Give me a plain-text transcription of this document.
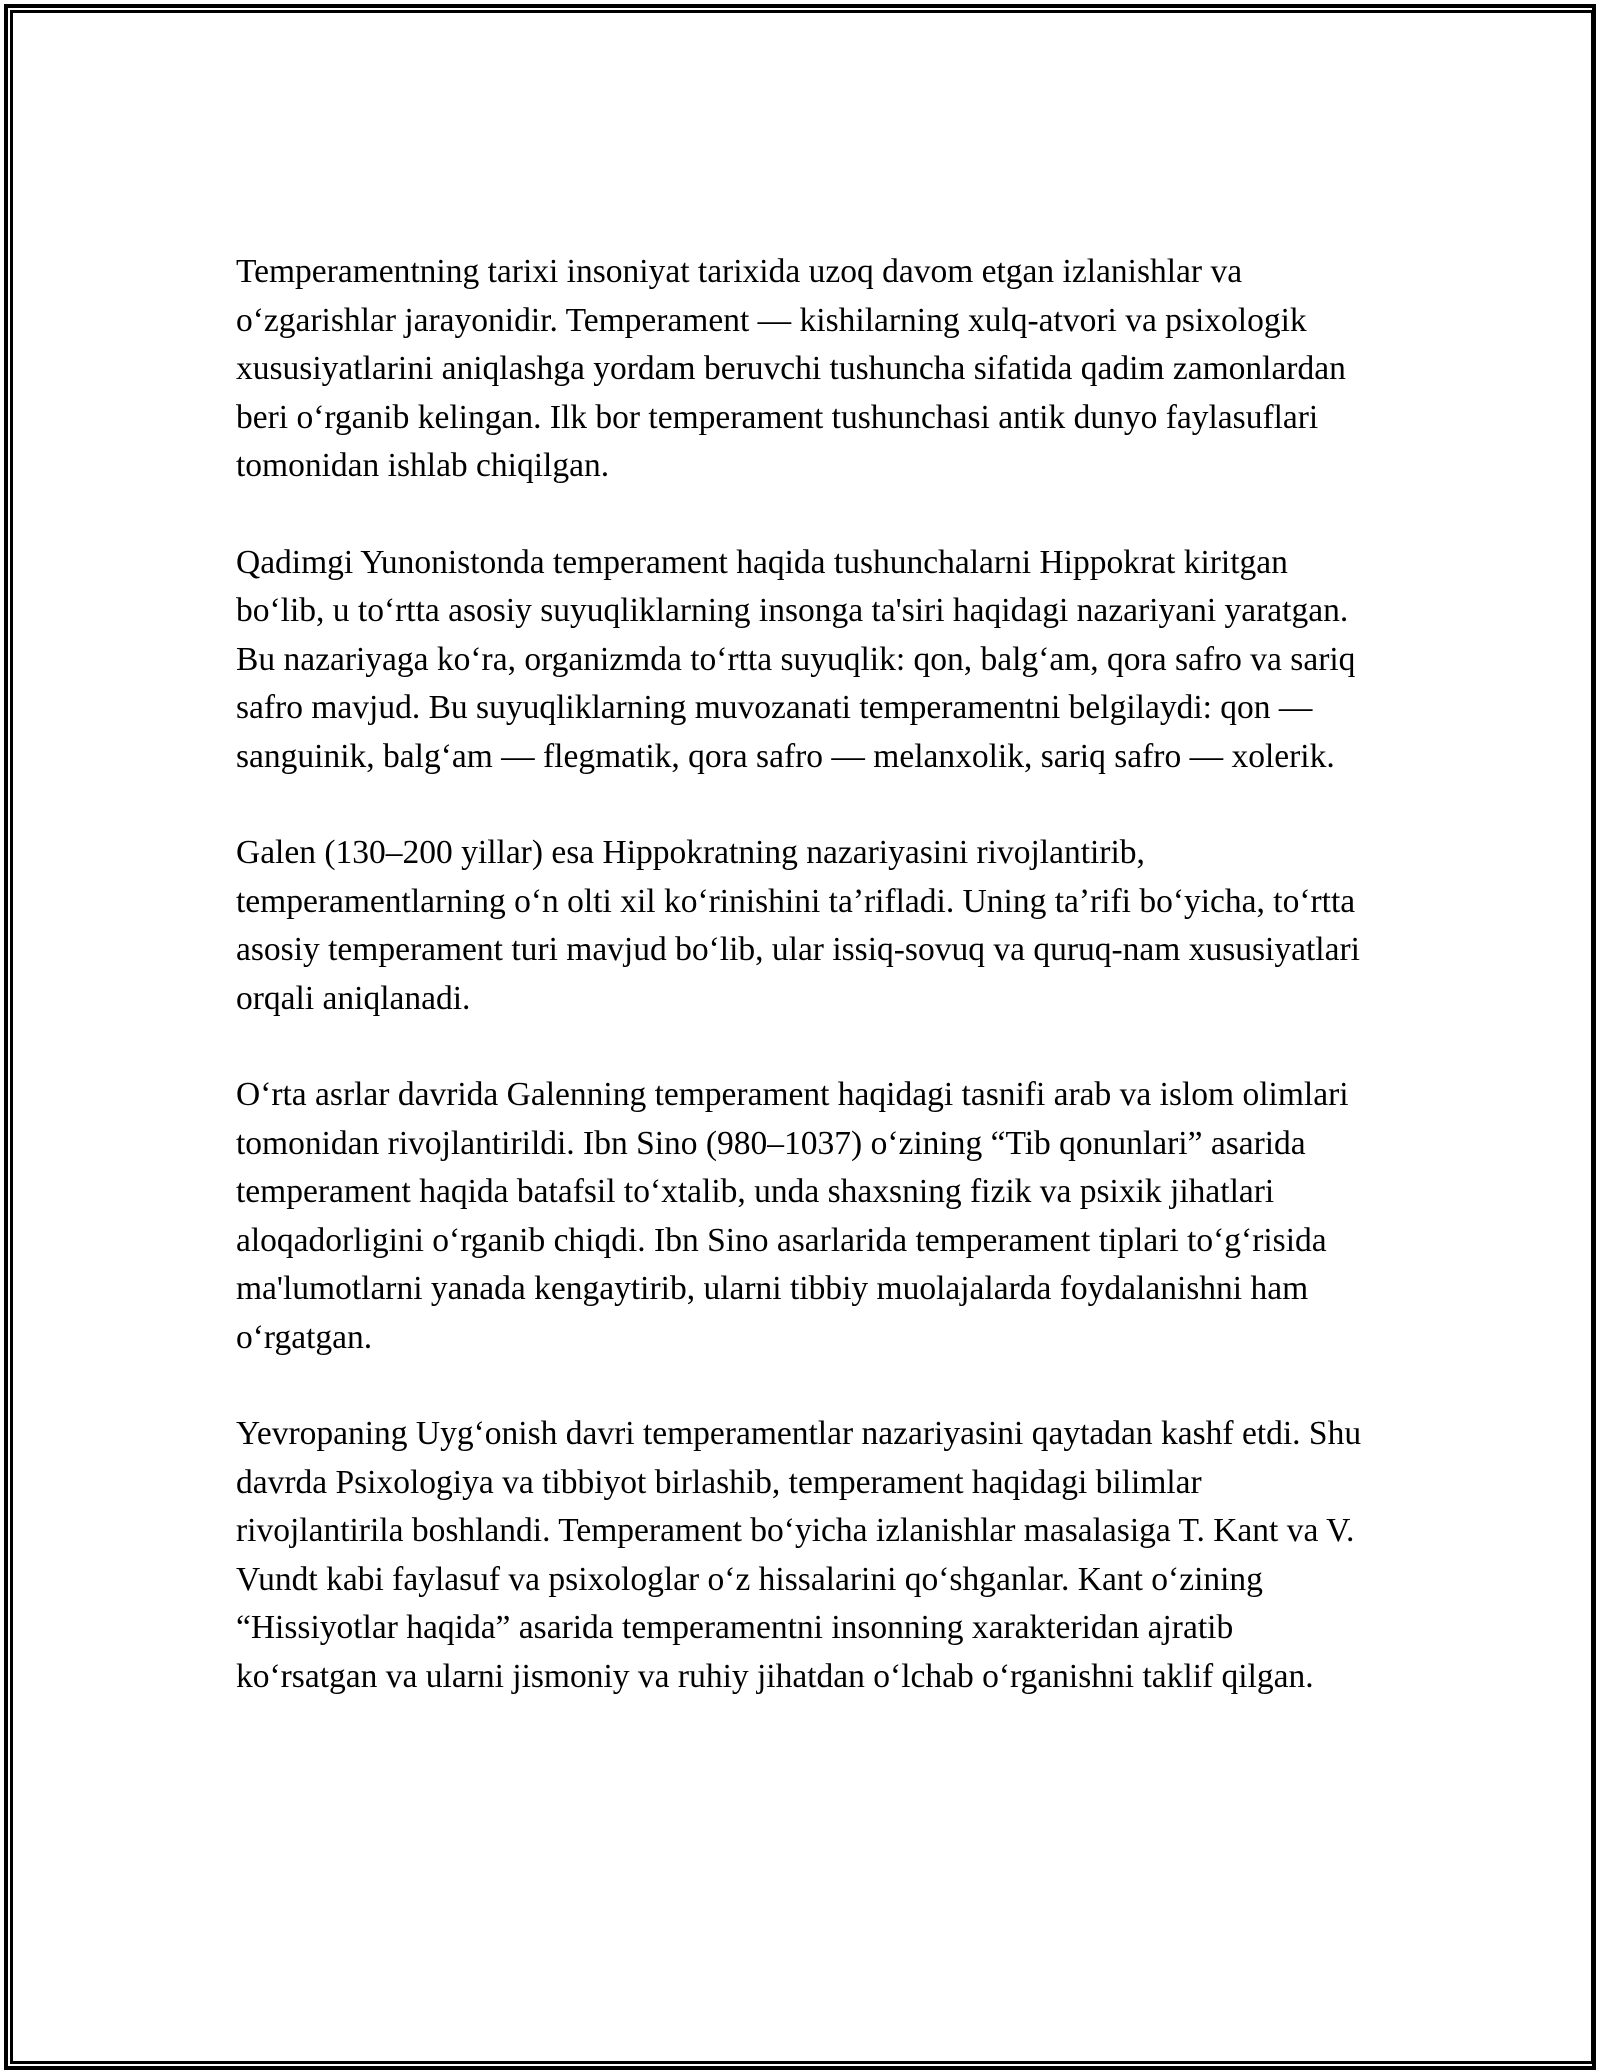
Temperamentning tarixi insoniyat tarixida uzoq davom etgan izlanishlar va oʻzgarishlar jarayonidir. Temperament — kishilarning xulq-atvori va psixologik xususiyatlarini aniqlashga yordam beruvchi tushuncha sifatida qadim zamonlardan beri oʻrganib kelingan. Ilk bor temperament tushunchasi antik dunyo faylasuflari tomonidan ishlab chiqilgan.

Qadimgi Yunonistonda temperament haqida tushunchalarni Hippokrat kiritgan boʻlib, u toʻrtta asosiy suyuqliklarning insonga ta'siri haqidagi nazariyani yaratgan. Bu nazariyaga koʻra, organizmda toʻrtta suyuqlik: qon, balgʻam, qora safro va sariq safro mavjud. Bu suyuqliklarning muvozanati temperamentni belgilaydi: qon — sanguinik, balgʻam — flegmatik, qora safro — melanxolik, sariq safro — xolerik.

Galen (130–200 yillar) esa Hippokratning nazariyasini rivojlantirib, temperamentlarning oʻn olti xil koʻrinishini taʼrifladi. Uning taʼrifi boʻyicha, toʻrtta asosiy temperament turi mavjud boʻlib, ular issiq-sovuq va quruq-nam xususiyatlari orqali aniqlanadi.

Oʻrta asrlar davrida Galenning temperament haqidagi tasnifi arab va islom olimlari tomonidan rivojlantirildi. Ibn Sino (980–1037) oʻzining “Tib qonunlari” asarida temperament haqida batafsil toʻxtalib, unda shaxsning fizik va psixik jihatlari aloqadorligini oʻrganib chiqdi. Ibn Sino asarlarida temperament tiplari toʻgʻrisida ma'lumotlarni yanada kengaytirib, ularni tibbiy muolajalarda foydalanishni ham oʻrgatgan.

Yevropaning Uygʻonish davri temperamentlar nazariyasini qaytadan kashf etdi. Shu davrda Psixologiya va tibbiyot birlashib, temperament haqidagi bilimlar rivojlantirila boshlandi. Temperament boʻyicha izlanishlar masalasiga T. Kant va V. Vundt kabi faylasuf va psixologlar oʻz hissalarini qoʻshganlar. Kant oʻzining “Hissiyotlar haqida” asarida temperamentni insonning xarakteridan ajratib koʻrsatgan va ularni jismoniy va ruhiy jihatdan oʻlchab oʻrganishni taklif qilgan.
